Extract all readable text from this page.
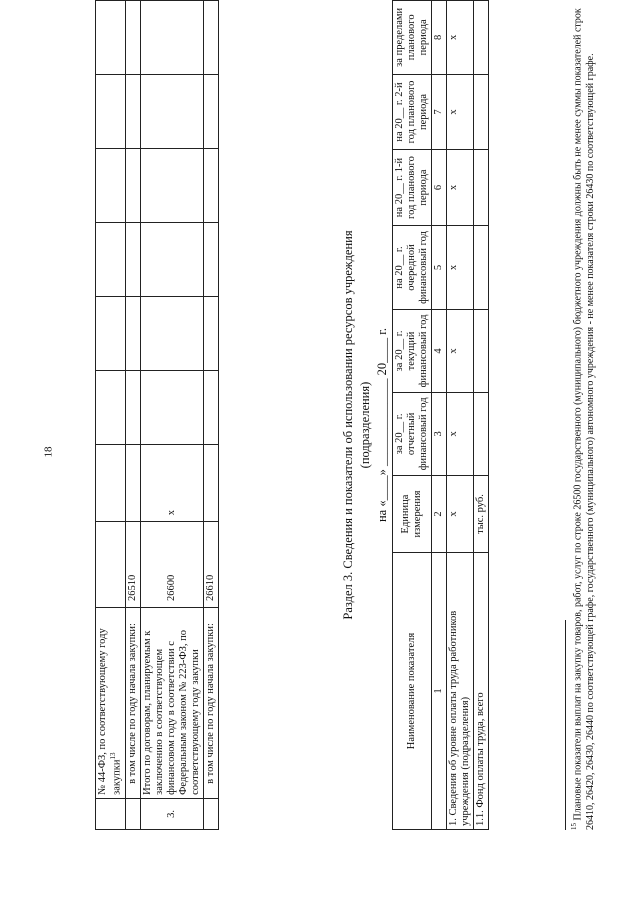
18
	№ 44-ФЗ, по соответствующему году закупки$^{13}$								
	в том числе по году начала закупки:	26510							
3.	Итого по договорам, планируемым к заключению в соответствующем финансовом году в соответствии с Федеральным законом № 223-ФЗ, по соответствующему году закупки	26600	x						
	в том числе по году начала закупки:	26610								Раздел 3. Сведения и показатели об использовании ресурсов учреждения (подразделения) на «____» ______________ 20____ г.
Наименование показателя	Единица измерения	за 20__ г. отчетный финансовый год	за 20__ г. текущий финансовый год	на 20__ г. очередной финансовый год	на 20__ г. 1-й год планового периода	на 20__ г. 2-й год планового периода	за пределами планового периода
1	2	3	4	5	6	7	8
1. Сведения об уровне оплаты труда работников учреждения (подразделения)	x	x	x	x	x	x	x
1.1. Фонд оплаты труда, всего	тыс. руб.						
$^{15}$ Плановые показатели выплат на закупку товаров, работ, услуг по строке 26500 государственного (муниципального) бюджетного учреждения должны быть не менее суммы показателей строк 26410, 26420, 26430, 26440 по соответствующей графе, государственного (муниципального) автономного учреждения - не менее показателя строки 26430 по соответствующей графе.
